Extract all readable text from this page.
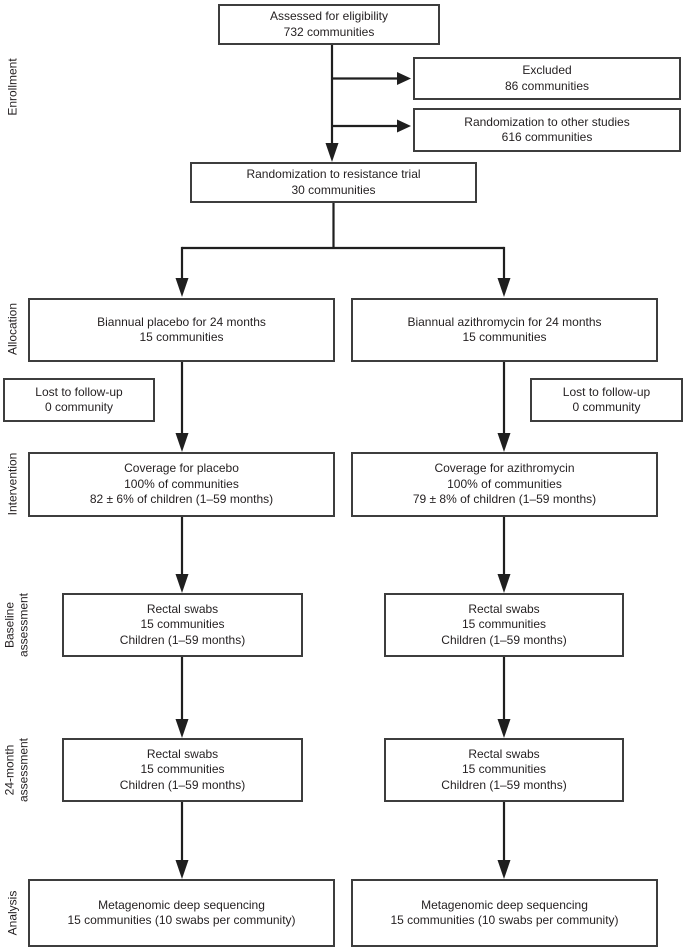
Enrollment
Allocation
Intervention
Baseline assessment
24-month assessment
Analysis
Assessed for eligibility
732 communities
Excluded
86 communities
Randomization to other studies
616 communities
Randomization to resistance trial
30 communities
Biannual placebo for 24 months
15 communities
Biannual azithromycin for 24 months
15 communities
Lost to follow-up
0 community
Lost to follow-up
0 community
Coverage for placebo
100% of communities
82 ± 6% of children (1–59 months)
Coverage for azithromycin
100% of communities
79 ± 8% of children (1–59 months)
Rectal swabs
15 communities
Children (1–59 months)
Rectal swabs
15 communities
Children (1–59 months)
Rectal swabs
15 communities
Children (1–59 months)
Rectal swabs
15 communities
Children (1–59 months)
Metagenomic deep sequencing
15 communities (10 swabs per community)
Metagenomic deep sequencing
15 communities (10 swabs per community)
